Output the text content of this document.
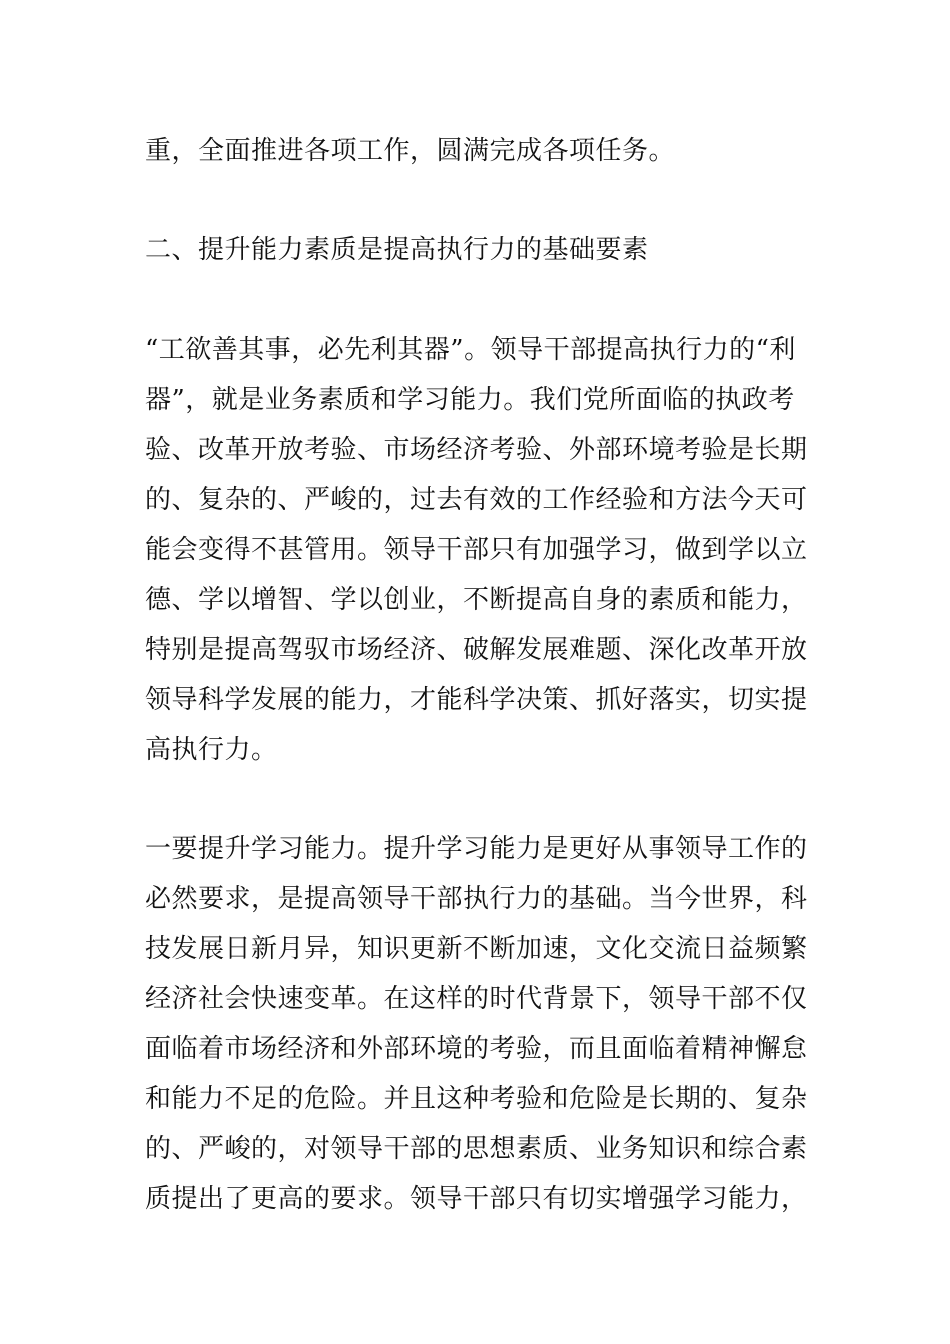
重，全面推进各项工作，圆满完成各项任务。

二、提升能力素质是提高执行力的基础要素

“工欲善其事，必先利其器”。领导干部提高执行力的“利

器”，就是业务素质和学习能力。我们党所面临的执政考

验、改革开放考验、市场经济考验、外部环境考验是长期

的、复杂的、严峻的，过去有效的工作经验和方法今天可

能会变得不甚管用。领导干部只有加强学习，做到学以立

德、学以增智、学以创业，不断提高自身的素质和能力，

特别是提高驾驭市场经济、破解发展难题、深化改革开放

领导科学发展的能力，才能科学决策、抓好落实，切实提

高执行力。

一要提升学习能力。提升学习能力是更好从事领导工作的

必然要求，是提高领导干部执行力的基础。当今世界，科

技发展日新月异，知识更新不断加速，文化交流日益频繁

经济社会快速变革。在这样的时代背景下，领导干部不仅

面临着市场经济和外部环境的考验，而且面临着精神懈怠

和能力不足的危险。并且这种考验和危险是长期的、复杂

的、严峻的，对领导干部的思想素质、业务知识和综合素

质提出了更高的要求。领导干部只有切实增强学习能力，
